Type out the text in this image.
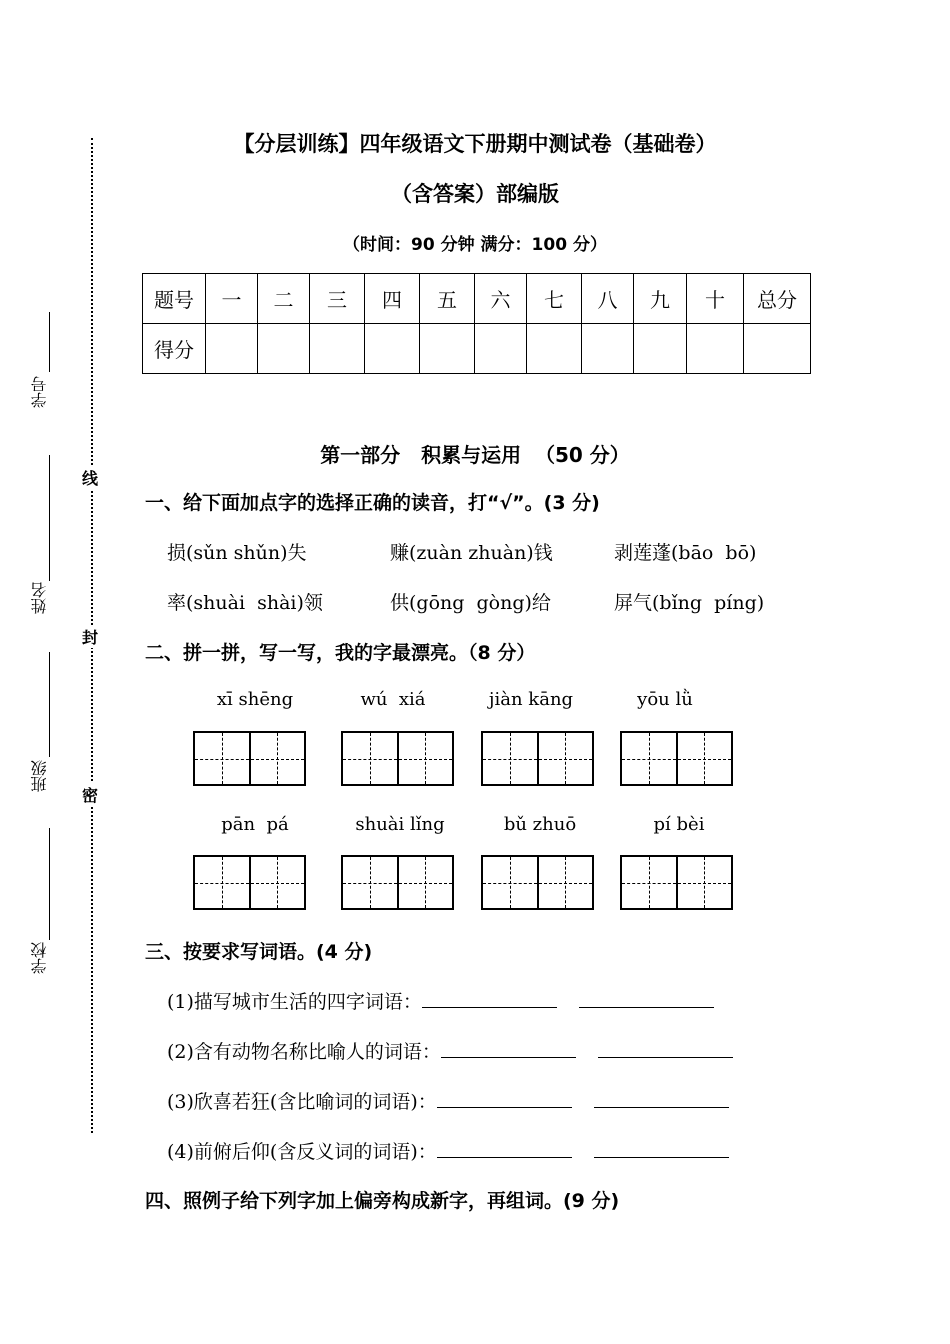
学号
姓名
班级
学校
线
封
密
【分层训练】四年级语文下册期中测试卷（基础卷）
（含答案）部编版
（时间：90 分钟 满分：100 分）
题号	一	二	三	四	五	六	七	八	九	十	总分
得分											
第一部分   积累与运用  （50 分）
一、给下面加点字的选择正确的读音，打“√”。(3 分)
损(sǔn shǔn)失	赚(zuàn zhuàn)钱	剥莲蓬(bāo  bō)
率(shuài  shài)领	供(gōng  gòng)给	屏气(bǐng  píng)
二、拼一拼，写一写，我的字最漂亮。（8 分）
xī shēng	wú  xiá	jiàn kāng	yōu lǜ
pān  pá	shuài lǐng	bǔ zhuō	pí bèi
三、按要求写词语。(4 分)
(1)描写城市生活的四字词语：
(2)含有动物名称比喻人的词语：
(3)欣喜若狂(含比喻词的词语)：
(4)前俯后仰(含反义词的词语)：
四、照例子给下列字加上偏旁构成新字，再组词。(9 分)
